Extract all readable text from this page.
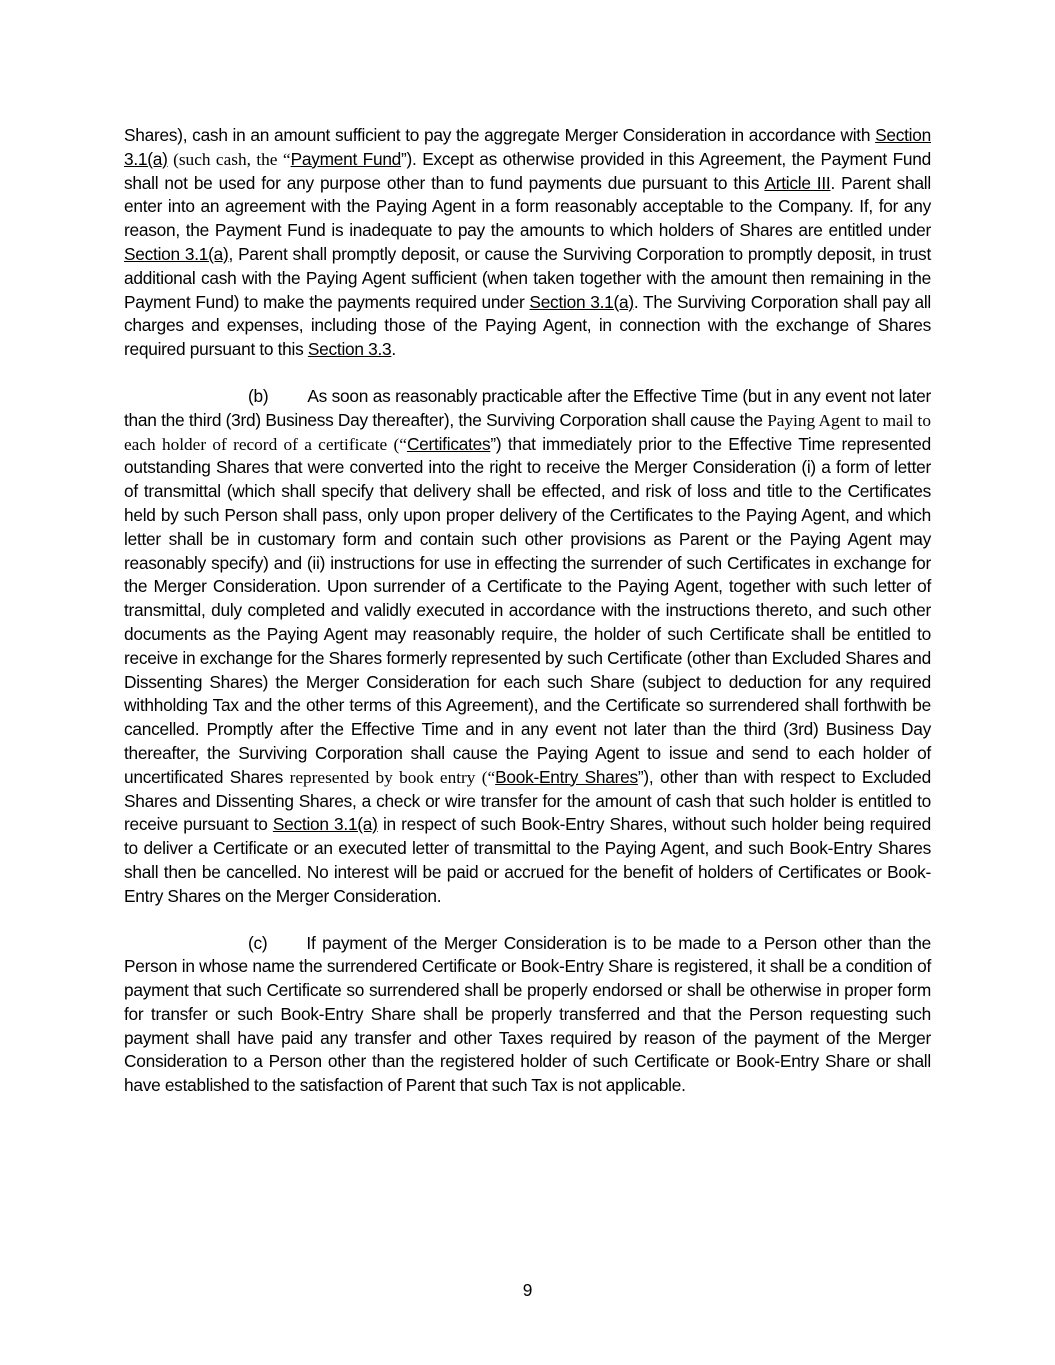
Shares), cash in an amount sufficient to pay the aggregate Merger Consideration in accordance with Section 3.1(a) (such cash, the “Payment Fund”). Except as otherwise provided in this Agreement, the Payment Fund shall not be used for any purpose other than to fund payments due pursuant to this Article III. Parent shall enter into an agreement with the Paying Agent in a form reasonably acceptable to the Company. If, for any reason, the Payment Fund is inadequate to pay the amounts to which holders of Shares are entitled under Section 3.1(a), Parent shall promptly deposit, or cause the Surviving Corporation to promptly deposit, in trust additional cash with the Paying Agent sufficient (when taken together with the amount then remaining in the Payment Fund) to make the payments required under Section 3.1(a). The Surviving Corporation shall pay all charges and expenses, including those of the Paying Agent, in connection with the exchange of Shares required pursuant to this Section 3.3.

(b) As soon as reasonably practicable after the Effective Time (but in any event not later than the third (3rd) Business Day thereafter), the Surviving Corporation shall cause the Paying Agent to mail to each holder of record of a certificate (“Certificates”) that immediately prior to the Effective Time represented outstanding Shares that were converted into the right to receive the Merger Consideration (i) a form of letter of transmittal (which shall specify that delivery shall be effected, and risk of loss and title to the Certificates held by such Person shall pass, only upon proper delivery of the Certificates to the Paying Agent, and which letter shall be in customary form and contain such other provisions as Parent or the Paying Agent may reasonably specify) and (ii) instructions for use in effecting the surrender of such Certificates in exchange for the Merger Consideration. Upon surrender of a Certificate to the Paying Agent, together with such letter of transmittal, duly completed and validly executed in accordance with the instructions thereto, and such other documents as the Paying Agent may reasonably require, the holder of such Certificate shall be entitled to receive in exchange for the Shares formerly represented by such Certificate (other than Excluded Shares and Dissenting Shares) the Merger Consideration for each such Share (subject to deduction for any required withholding Tax and the other terms of this Agreement), and the Certificate so surrendered shall forthwith be cancelled. Promptly after the Effective Time and in any event not later than the third (3rd) Business Day thereafter, the Surviving Corporation shall cause the Paying Agent to issue and send to each holder of uncertificated Shares represented by book entry (“Book-Entry Shares”), other than with respect to Excluded Shares and Dissenting Shares, a check or wire transfer for the amount of cash that such holder is entitled to receive pursuant to Section 3.1(a) in respect of such Book-Entry Shares, without such holder being required to deliver a Certificate or an executed letter of transmittal to the Paying Agent, and such Book-Entry Shares shall then be cancelled. No interest will be paid or accrued for the benefit of holders of Certificates or Book-Entry Shares on the Merger Consideration.

(c) If payment of the Merger Consideration is to be made to a Person other than the Person in whose name the surrendered Certificate or Book-Entry Share is registered, it shall be a condition of payment that such Certificate so surrendered shall be properly endorsed or shall be otherwise in proper form for transfer or such Book-Entry Share shall be properly transferred and that the Person requesting such payment shall have paid any transfer and other Taxes required by reason of the payment of the Merger Consideration to a Person other than the registered holder of such Certificate or Book-Entry Share or shall have established to the satisfaction of Parent that such Tax is not applicable.

9
